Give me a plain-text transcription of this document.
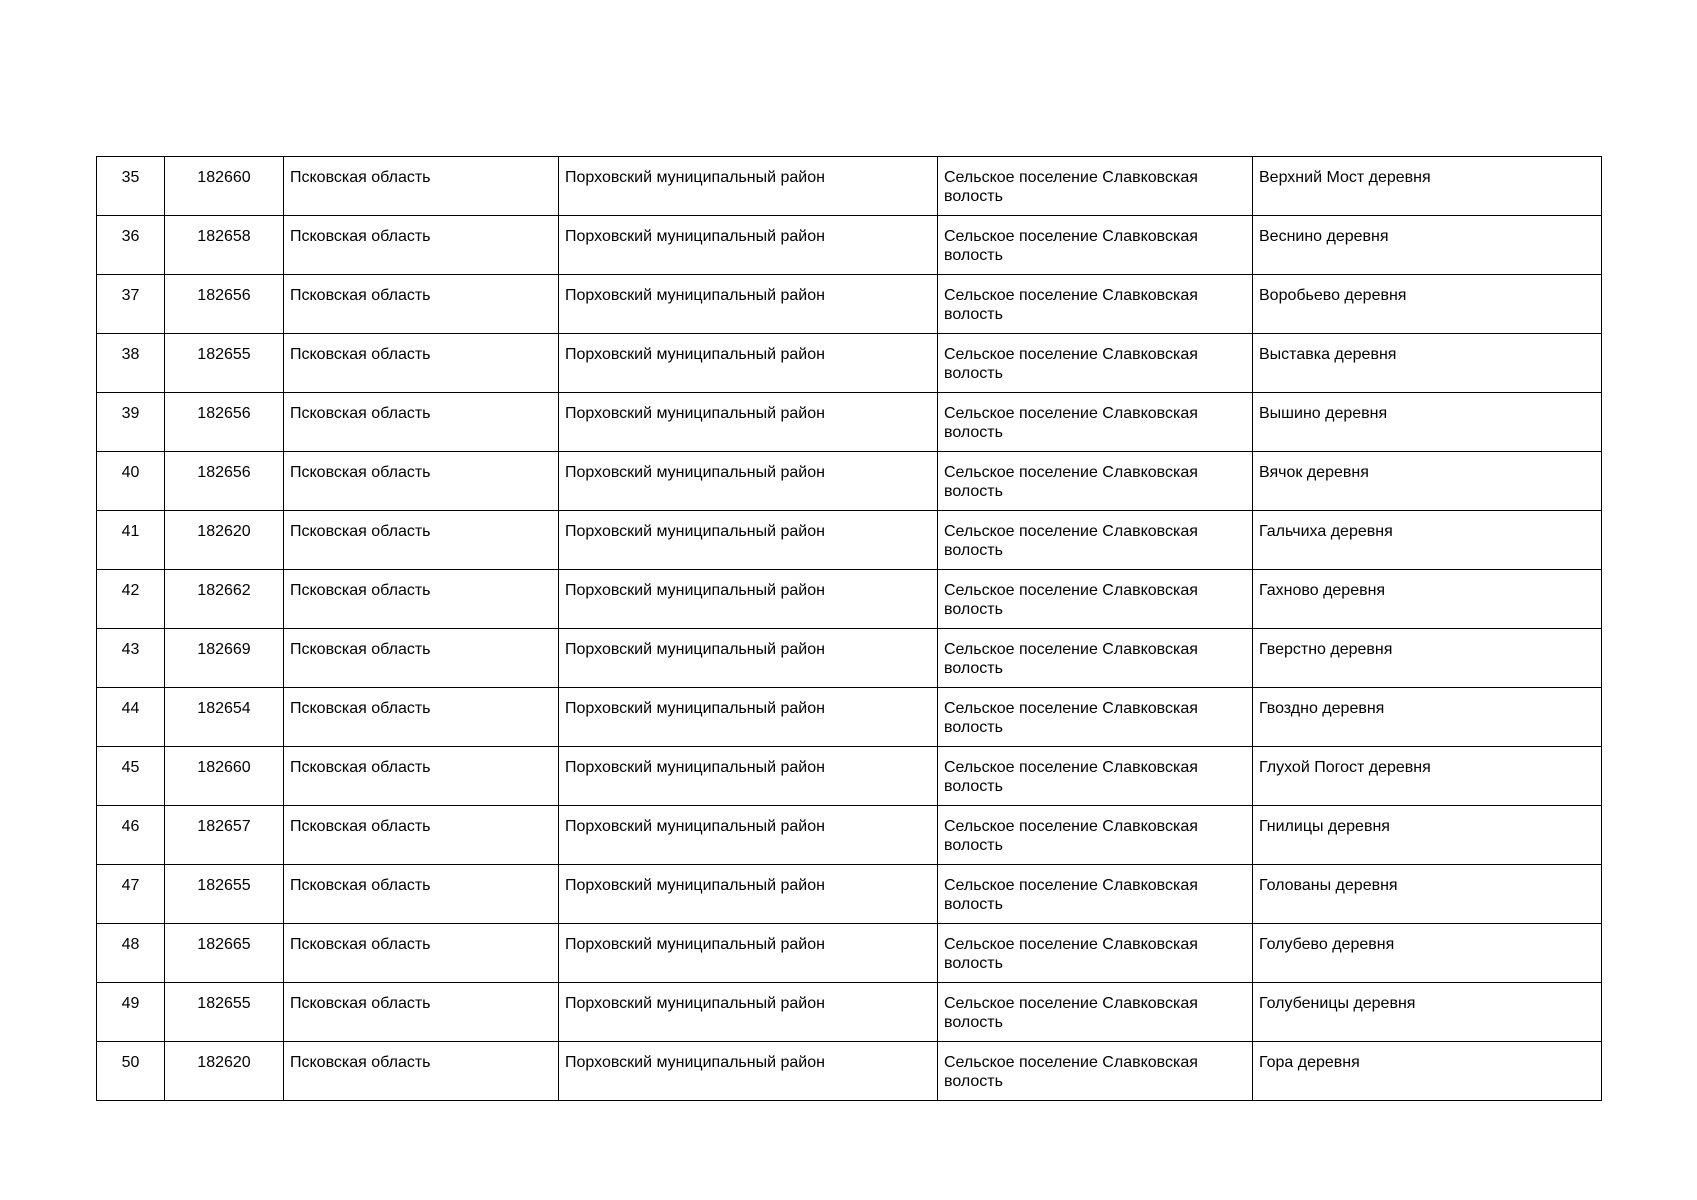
35	182660	Псковская область	Порховский муниципальный район	Сельское поселение Славковская
волость	Верхний Мост деревня
36	182658	Псковская область	Порховский муниципальный район	Сельское поселение Славковская
волость	Веснино деревня
37	182656	Псковская область	Порховский муниципальный район	Сельское поселение Славковская
волость	Воробьево деревня
38	182655	Псковская область	Порховский муниципальный район	Сельское поселение Славковская
волость	Выставка деревня
39	182656	Псковская область	Порховский муниципальный район	Сельское поселение Славковская
волость	Вышино деревня
40	182656	Псковская область	Порховский муниципальный район	Сельское поселение Славковская
волость	Вячок деревня
41	182620	Псковская область	Порховский муниципальный район	Сельское поселение Славковская
волость	Гальчиха деревня
42	182662	Псковская область	Порховский муниципальный район	Сельское поселение Славковская
волость	Гахново деревня
43	182669	Псковская область	Порховский муниципальный район	Сельское поселение Славковская
волость	Гверстно деревня
44	182654	Псковская область	Порховский муниципальный район	Сельское поселение Славковская
волость	Гвоздно деревня
45	182660	Псковская область	Порховский муниципальный район	Сельское поселение Славковская
волость	Глухой Погост деревня
46	182657	Псковская область	Порховский муниципальный район	Сельское поселение Славковская
волость	Гнилицы деревня
47	182655	Псковская область	Порховский муниципальный район	Сельское поселение Славковская
волость	Голованы деревня
48	182665	Псковская область	Порховский муниципальный район	Сельское поселение Славковская
волость	Голубево деревня
49	182655	Псковская область	Порховский муниципальный район	Сельское поселение Славковская
волость	Голубеницы деревня
50	182620	Псковская область	Порховский муниципальный район	Сельское поселение Славковская
волость	Гора деревня
